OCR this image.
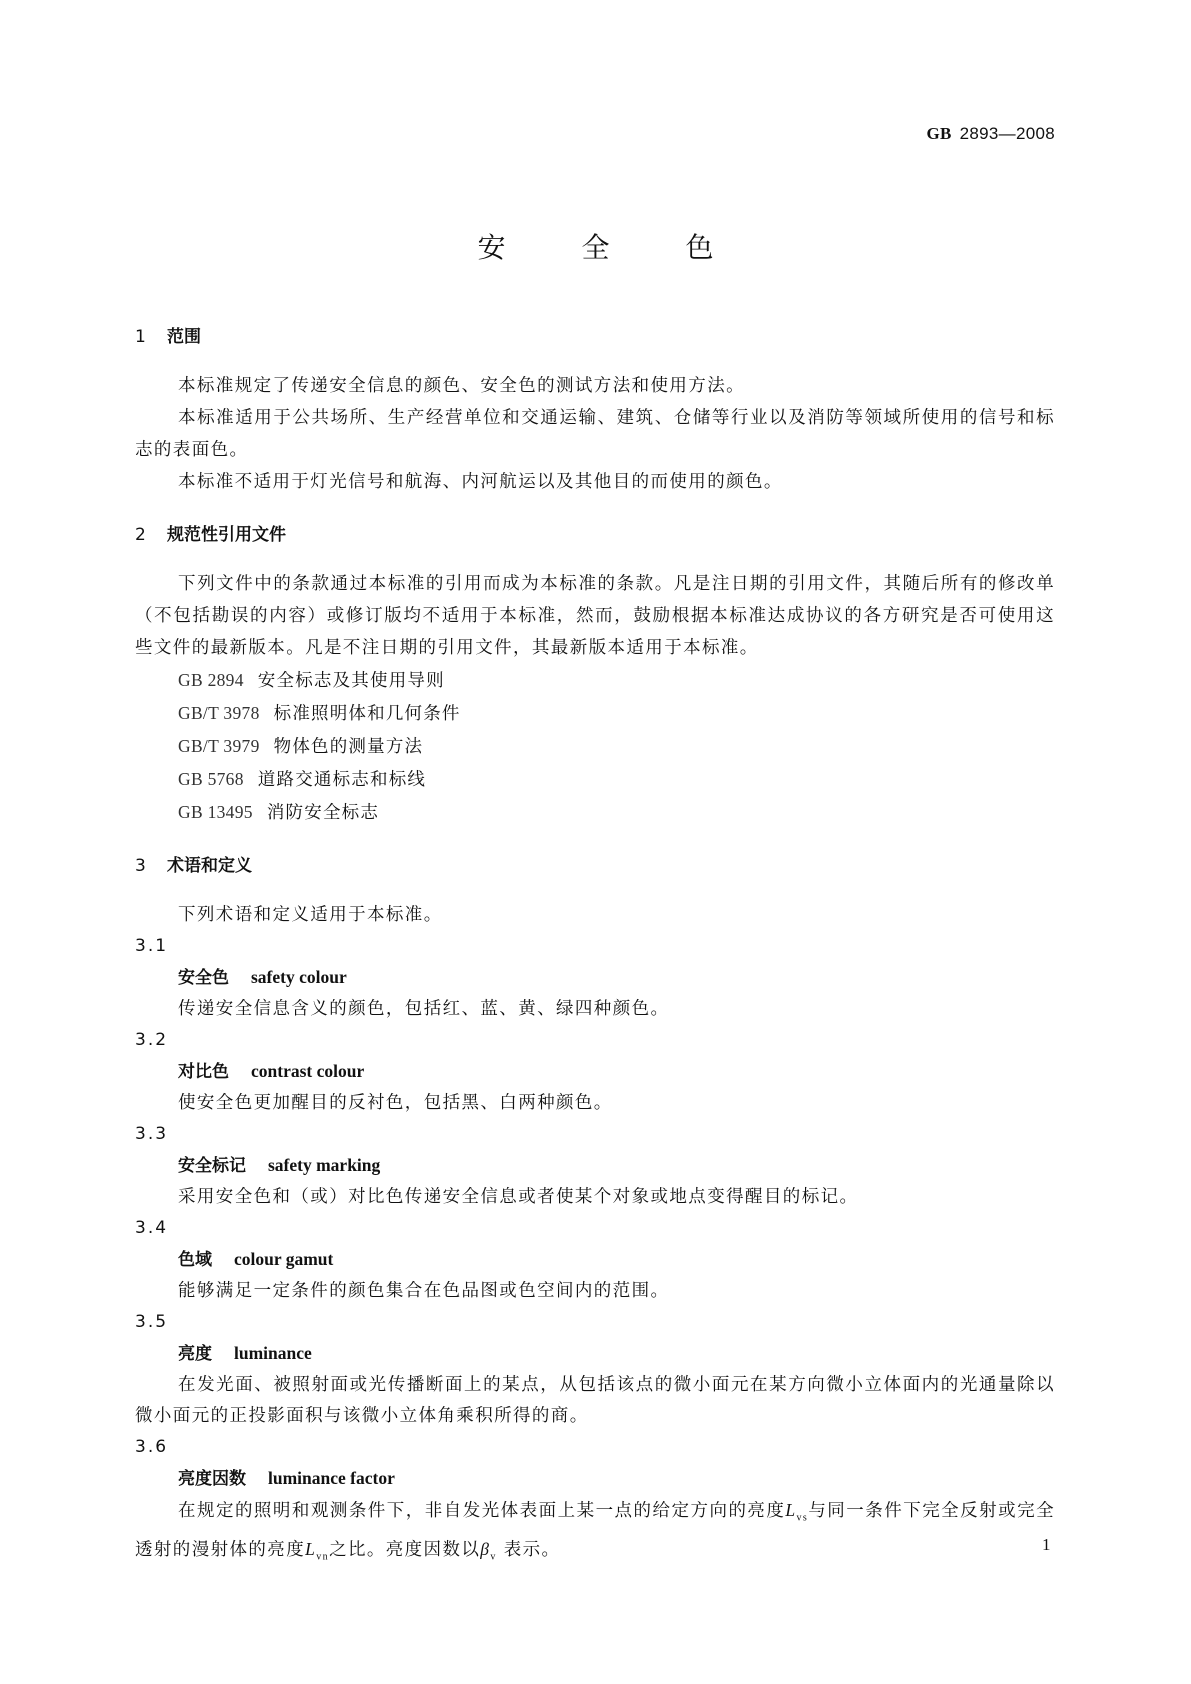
GB 2893—2008
安	全	色
1 范围
本标准规定了传递安全信息的颜色、安全色的测试方法和使用方法。
本标准适用于公共场所、生产经营单位和交通运输、建筑、仓储等行业以及消防等领域所使用的信号和标志的表面色。
本标准不适用于灯光信号和航海、内河航运以及其他目的而使用的颜色。
2 规范性引用文件
下列文件中的条款通过本标准的引用而成为本标准的条款。凡是注日期的引用文件，其随后所有的修改单（不包括勘误的内容）或修订版均不适用于本标准，然而，鼓励根据本标准达成协议的各方研究是否可使用这些文件的最新版本。凡是不注日期的引用文件，其最新版本适用于本标准。
GB 2894 安全标志及其使用导则
GB/T 3978 标准照明体和几何条件
GB/T 3979 物体色的测量方法
GB 5768 道路交通标志和标线
GB 13495 消防安全标志
3 术语和定义
下列术语和定义适用于本标准。
3.1
安全色 safety colour
传递安全信息含义的颜色，包括红、蓝、黄、绿四种颜色。
3.2
对比色 contrast colour
使安全色更加醒目的反衬色，包括黑、白两种颜色。
3.3
安全标记 safety marking
采用安全色和（或）对比色传递安全信息或者使某个对象或地点变得醒目的标记。
3.4
色域 colour gamut
能够满足一定条件的颜色集合在色品图或色空间内的范围。
3.5
亮度 luminance
在发光面、被照射面或光传播断面上的某点，从包括该点的微小面元在某方向微小立体面内的光通量除以微小面元的正投影面积与该微小立体角乘积所得的商。
3.6
亮度因数 luminance factor
在规定的照明和观测条件下，非自发光体表面上某一点的给定方向的亮度$L_{vs}$与同一条件下完全反射或完全透射的漫射体的亮度$L_{vn}$之比。亮度因数以$\beta_v$ 表示。	1
